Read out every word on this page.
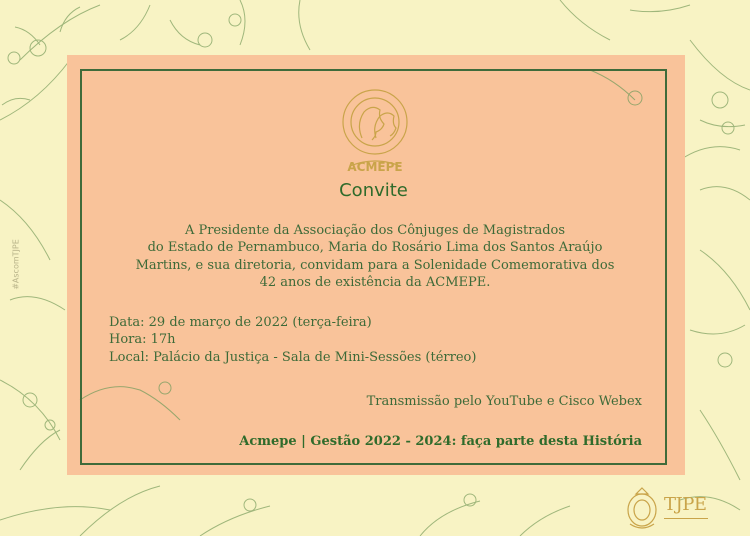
ACMEPE
Convite
A Presidente da Associação dos Cônjuges de Magistrados
do Estado de Pernambuco, Maria do Rosário Lima dos Santos Araújo
Martins, e sua diretoria, convidam para a Solenidade Comemorativa dos
42 anos de existência da ACMEPE.
Data: 29 de março de 2022 (terça-feira)
Hora: 17h
Local: Palácio da Justiça - Sala de Mini-Sessões (térreo)
Transmissão pelo YouTube e Cisco Webex
Acmepe | Gestão 2022 - 2024: faça parte desta História
#AscomTJPE
TJPE
